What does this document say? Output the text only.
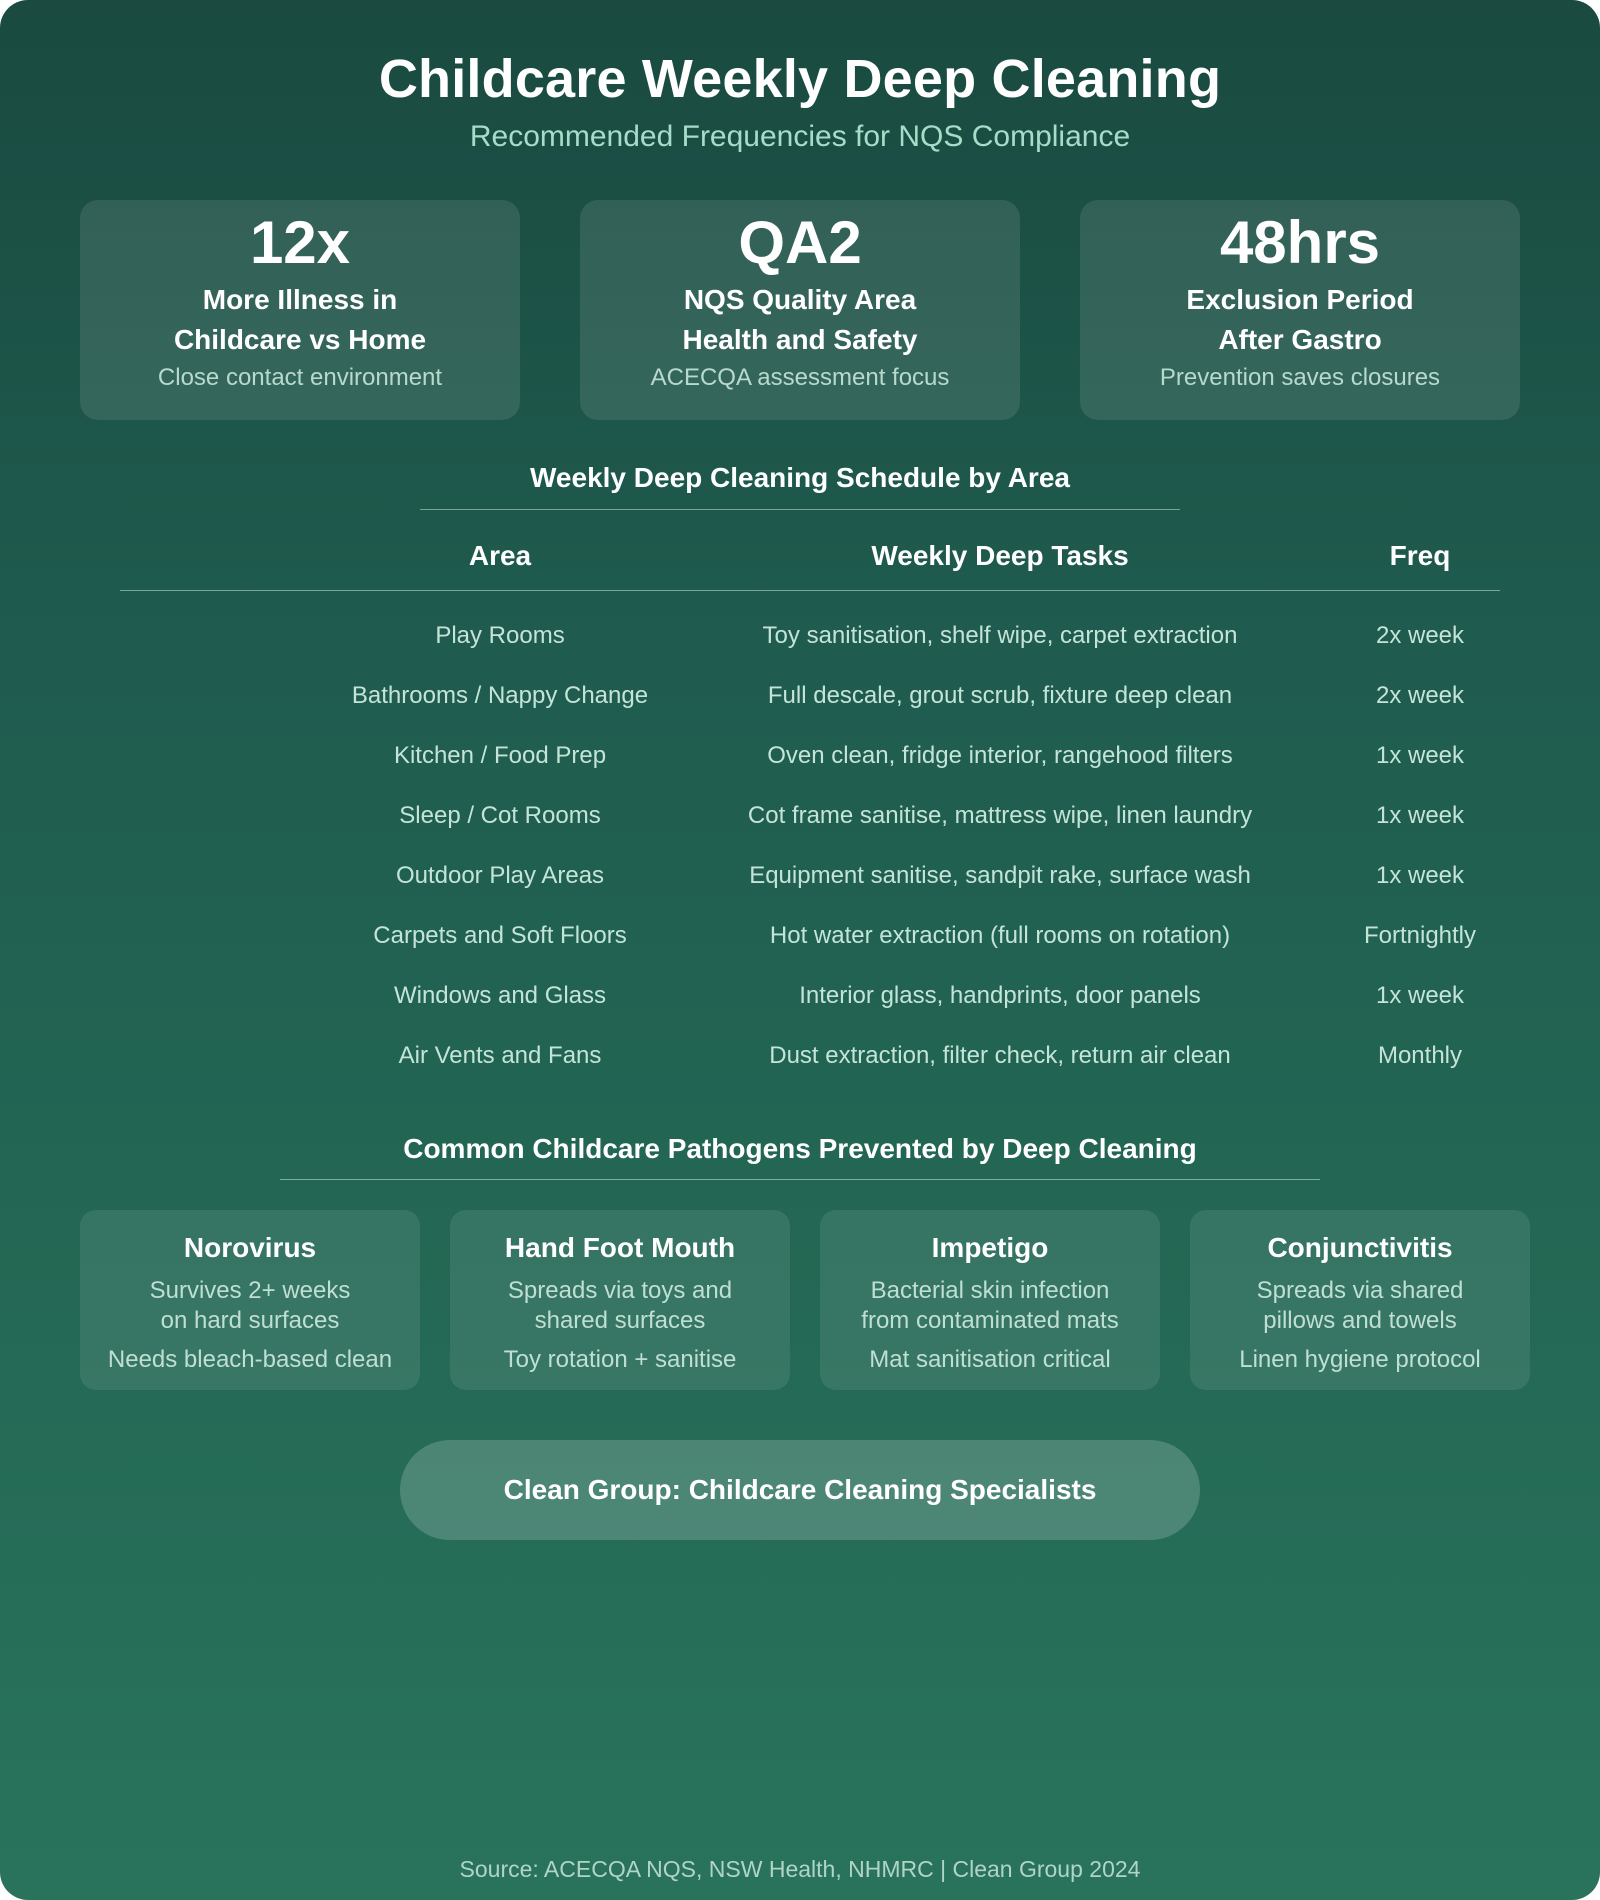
Childcare Weekly Deep Cleaning
Recommended Frequencies for NQS Compliance
12x
More Illness in
Childcare vs Home
Close contact environment
QA2
NQS Quality Area
Health and Safety
ACECQA assessment focus
48hrs
Exclusion Period
After Gastro
Prevention saves closures
Weekly Deep Cleaning Schedule by Area
Area	Weekly Deep Tasks	Freq
Play Rooms	Toy sanitisation, shelf wipe, carpet extraction	2x week
Bathrooms / Nappy Change	Full descale, grout scrub, fixture deep clean	2x week
Kitchen / Food Prep	Oven clean, fridge interior, rangehood filters	1x week
Sleep / Cot Rooms	Cot frame sanitise, mattress wipe, linen laundry	1x week
Outdoor Play Areas	Equipment sanitise, sandpit rake, surface wash	1x week
Carpets and Soft Floors	Hot water extraction (full rooms on rotation)	Fortnightly
Windows and Glass	Interior glass, handprints, door panels	1x week
Air Vents and Fans	Dust extraction, filter check, return air clean	Monthly
Common Childcare Pathogens Prevented by Deep Cleaning
Norovirus
Survives 2+ weeks
on hard surfaces
Needs bleach-based clean
Hand Foot Mouth
Spreads via toys and
shared surfaces
Toy rotation + sanitise
Impetigo
Bacterial skin infection
from contaminated mats
Mat sanitisation critical
Conjunctivitis
Spreads via shared
pillows and towels
Linen hygiene protocol
Clean Group: Childcare Cleaning Specialists
Source: ACECQA NQS, NSW Health, NHMRC | Clean Group 2024
